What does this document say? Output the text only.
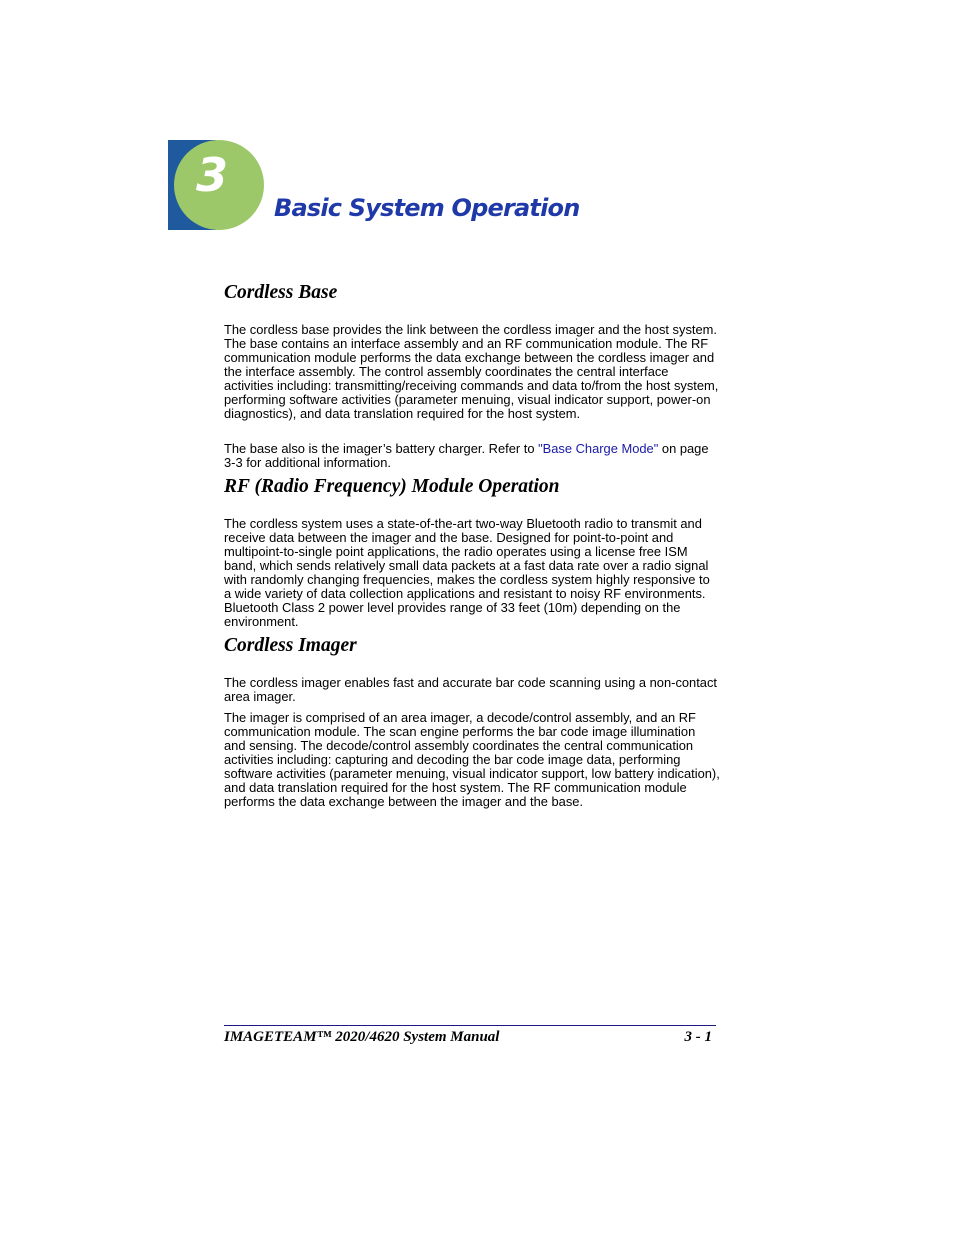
3
Basic System Operation
Cordless Base

The cordless base provides the link between the cordless imager and the host system. The base contains an interface assembly and an RF communication module. The RF communication module performs the data exchange between the cordless imager and the interface assembly. The control assembly coordinates the central interface activities including: transmitting/receiving commands and data to/from the host system, performing software activities (parameter menuing, visual indicator support, power-on diagnostics), and data translation required for the host system.

The base also is the imager’s battery charger. Refer to "Base Charge Mode" on page 3-3 for additional information.

RF (Radio Frequency) Module Operation

The cordless system uses a state-of-the-art two-way Bluetooth radio to transmit and receive data between the imager and the base. Designed for point-to-point and multipoint-to-single point applications, the radio operates using a license free ISM band, which sends relatively small data packets at a fast data rate over a radio signal with randomly changing frequencies, makes the cordless system highly responsive to a wide variety of data collection applications and resistant to noisy RF environments. Bluetooth Class 2 power level provides range of 33 feet (10m) depending on the environment.

Cordless Imager

The cordless imager enables fast and accurate bar code scanning using a non-contact area imager.

The imager is comprised of an area imager, a decode/control assembly, and an RF communication module. The scan engine performs the bar code image illumination and sensing. The decode/control assembly coordinates the central communication activities including: capturing and decoding the bar code image data, performing software activities (parameter menuing, visual indicator support, low battery indication), and data translation required for the host system. The RF communication module performs the data exchange between the imager and the base.

IMAGETEAM™ 2020/4620 System Manual	3 - 1
